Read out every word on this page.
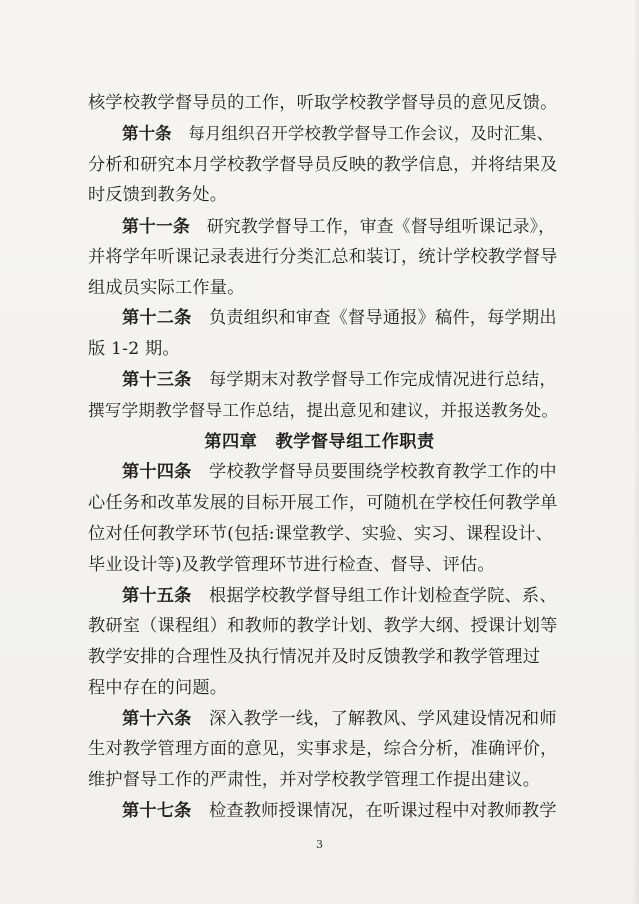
核学校教学督导员的工作，听取学校教学督导员的意见反馈。
第十条  每月组织召开学校教学督导工作会议，及时汇集、
分析和研究本月学校教学督导员反映的教学信息，并将结果及
时反馈到教务处。
第十一条  研究教学督导工作，审查《督导组听课记录》，
并将学年听课记录表进行分类汇总和装订，统计学校教学督导
组成员实际工作量。
第十二条  负责组织和审查《督导通报》稿件，每学期出
版 1-2 期。
第十三条  每学期末对教学督导工作完成情况进行总结，
撰写学期教学督导工作总结，提出意见和建议，并报送教务处。
第四章 教学督导组工作职责
第十四条  学校教学督导员要围绕学校教育教学工作的中
心任务和改革发展的目标开展工作，可随机在学校任何教学单
位对任何教学环节(包括:课堂教学、实验、实习、课程设计、
毕业设计等)及教学管理环节进行检查、督导、评估。
第十五条  根据学校教学督导组工作计划检查学院、系、
教研室（课程组）和教师的教学计划、教学大纲、授课计划等
教学安排的合理性及执行情况并及时反馈教学和教学管理过
程中存在的问题。
第十六条  深入教学一线，了解教风、学风建设情况和师
生对教学管理方面的意见，实事求是，综合分析，准确评价，
维护督导工作的严肃性，并对学校教学管理工作提出建议。
第十七条  检查教师授课情况，在听课过程中对教师教学
3
